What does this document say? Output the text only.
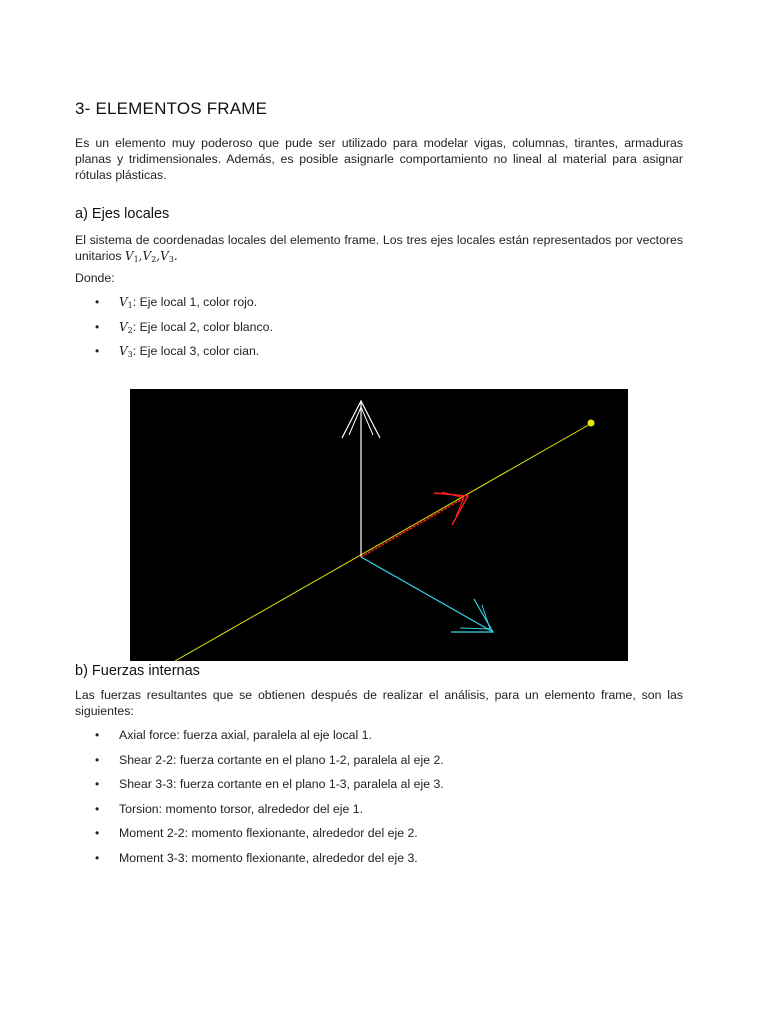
3- ELEMENTOS FRAME

Es un elemento muy poderoso que pude ser utilizado para modelar vigas, columnas, tirantes, armaduras planas y tridimensionales. Además, es posible asignarle comportamiento no lineal al material para asignar rótulas plásticas.

a) Ejes locales

El sistema de coordenadas locales del elemento frame. Los tres ejes locales están representados por vectores unitarios $V_1,V_2,V_3$.

Donde:

• $V_1$: Eje local 1, color rojo.
• $V_2$: Eje local 2, color blanco.
• $V_3$: Eje local 3, color cian.
b) Fuerzas internas

Las fuerzas resultantes que se obtienen después de realizar el análisis, para un elemento frame, son las siguientes:

• Axial force: fuerza axial, paralela al eje local 1.
• Shear 2-2: fuerza cortante en el plano 1-2, paralela al eje 2.
• Shear 3-3: fuerza cortante en el plano 1-3, paralela al eje 3.
• Torsion: momento torsor, alrededor del eje 1.
• Moment 2-2: momento flexionante, alrededor del eje 2.
• Moment 3-3: momento flexionante, alrededor del eje 3.
